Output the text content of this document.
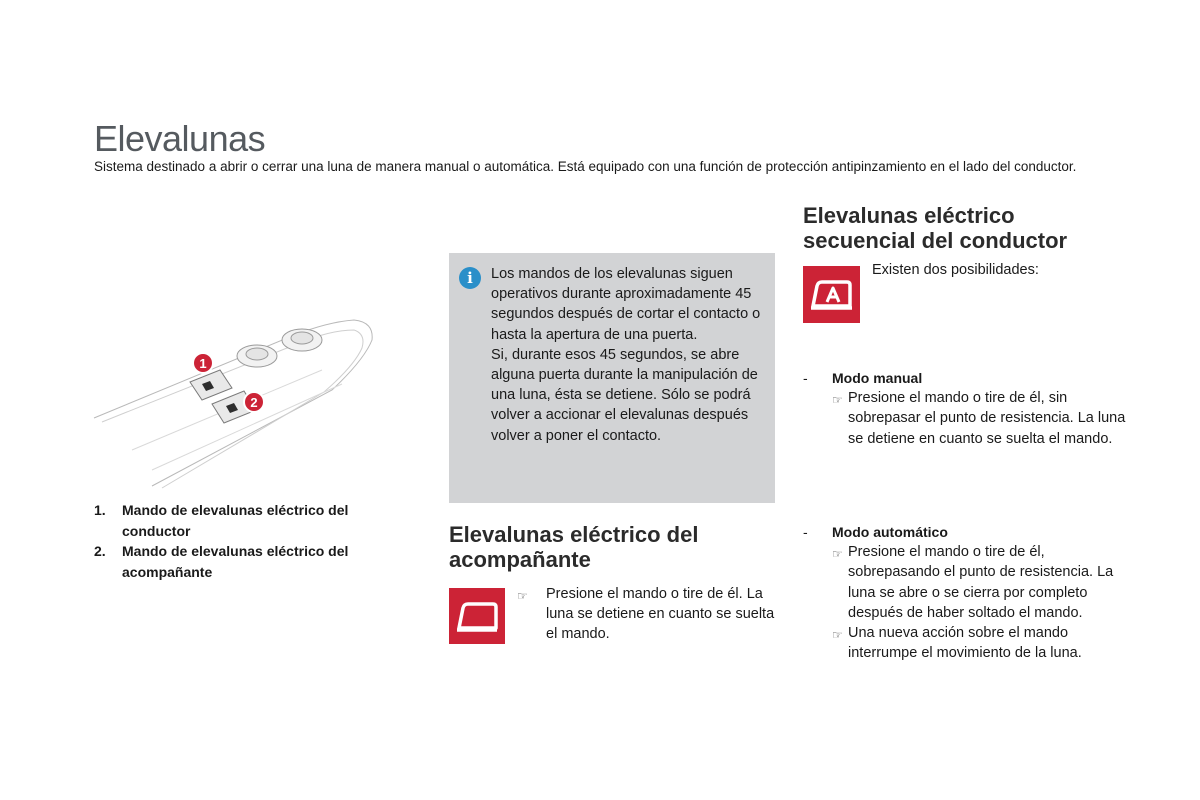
Elevalunas

Sistema destinado a abrir o cerrar una luna de manera manual o automática. Está equipado con una función de protección antipinzamiento en el lado del conductor.

1
2
1.	Mando de elevalunas eléctrico del conductor
2.	Mando de elevalunas eléctrico del acompañante
i	Los mandos de los elevalunas siguen operativos durante aproximadamente 45 segundos después de cortar el contacto o hasta la apertura de una puerta.

Si, durante esos 45 segundos, se abre alguna puerta durante la manipulación de una luna, ésta se detiene. Sólo se podrá volver a accionar el elevalunas después volver a poner el contacto.

Elevalunas eléctrico del acompañante
☞	Presione el mando o tire de él. La luna se detiene en cuanto se suelta el mando.
Elevalunas eléctrico secuencial del conductor
Existen dos posibilidades:
-	Modo manual
☞ Presione el mando o tire de él, sin sobrepasar el punto de resistencia. La luna se detiene en cuanto se suelta el mando.
-	Modo automático
☞ Presione el mando o tire de él, sobrepasando el punto de resistencia. La luna se abre o se cierra por completo después de haber soltado el mando.
☞ Una nueva acción sobre el mando interrumpe el movimiento de la luna.
